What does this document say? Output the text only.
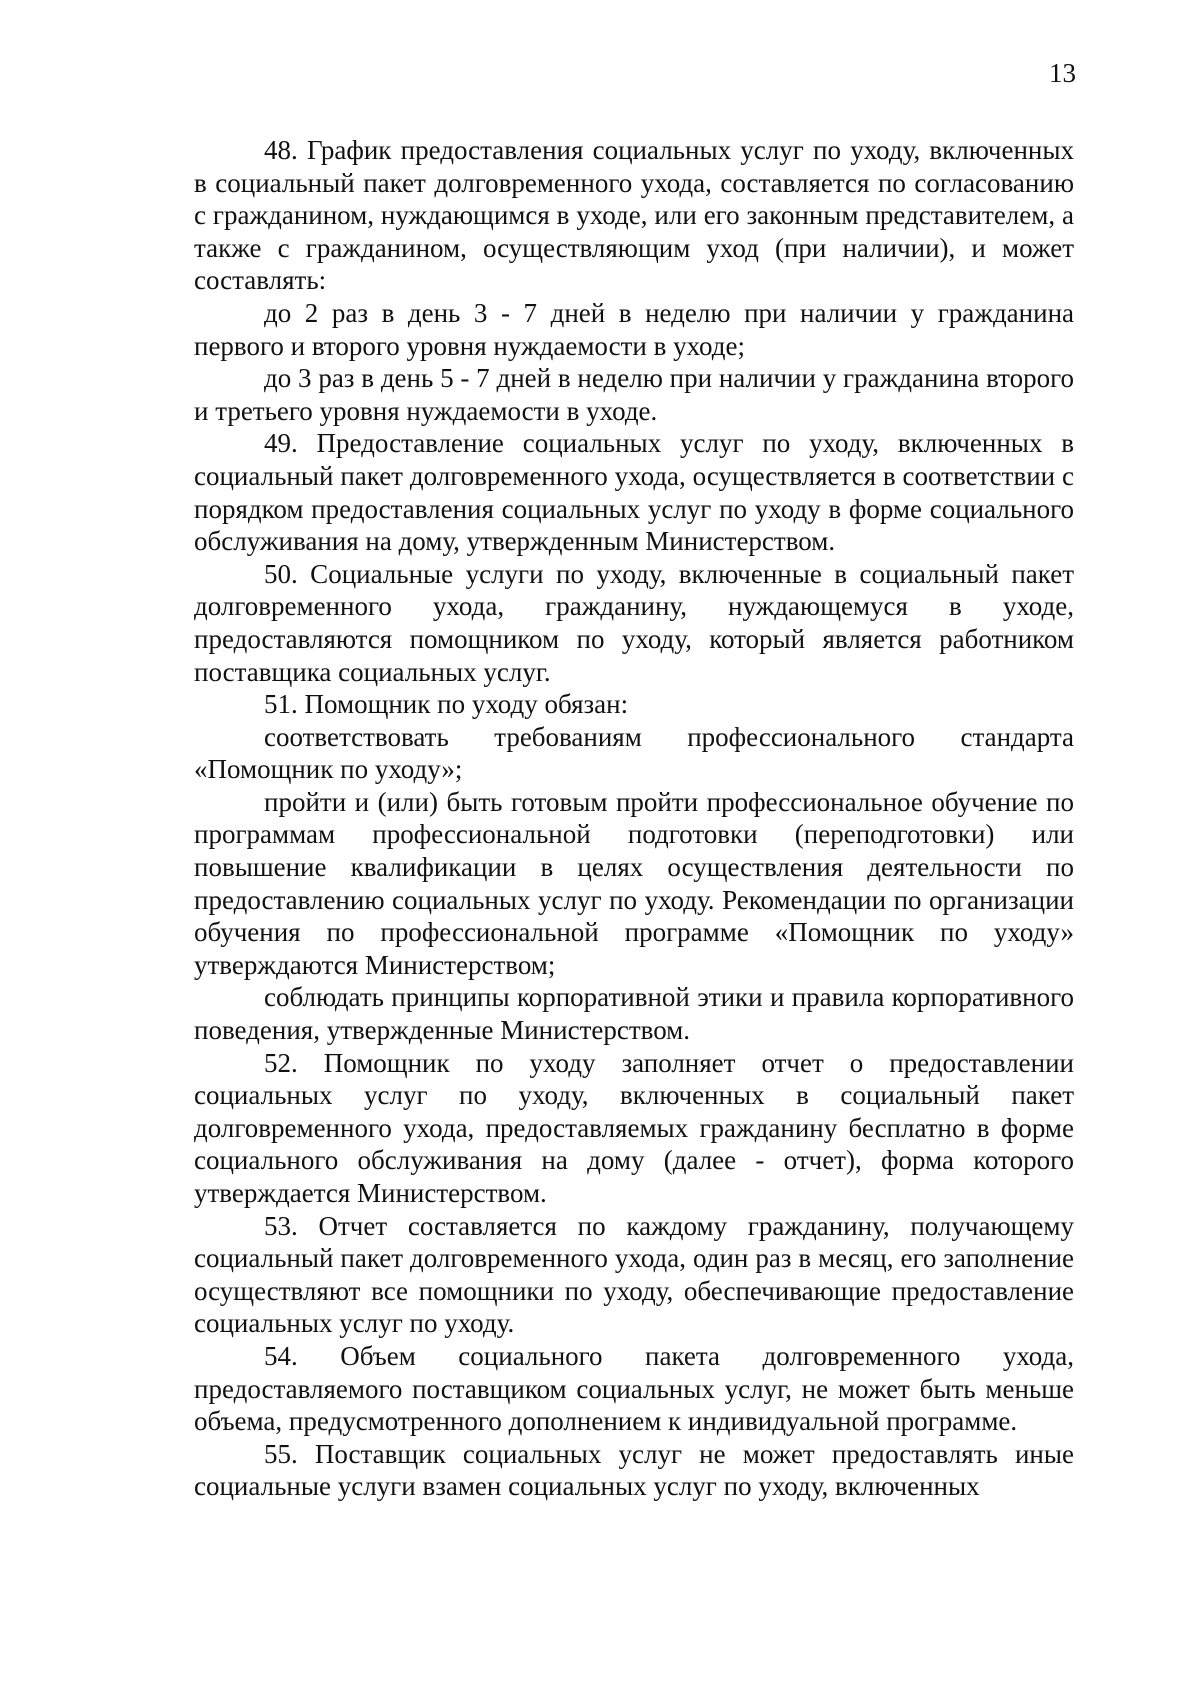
13

48. График предоставления социальных услуг по уходу, включенных в социальный пакет долговременного ухода, составляется по согласованию с гражданином, нуждающимся в уходе, или его законным представителем, а также с гражданином, осуществляющим уход (при наличии), и может составлять:

до 2 раз в день 3 - 7 дней в неделю при наличии у гражданина первого и второго уровня нуждаемости в уходе;

до 3 раз в день 5 - 7 дней в неделю при наличии у гражданина второго и третьего уровня нуждаемости в уходе.

49. Предоставление социальных услуг по уходу, включенных в социальный пакет долговременного ухода, осуществляется в соответствии с порядком предоставления социальных услуг по уходу в форме социального обслуживания на дому, утвержденным Министерством.

50. Социальные услуги по уходу, включенные в социальный пакет долговременного ухода, гражданину, нуждающемуся в уходе, предоставляются помощником по уходу, который является работником поставщика социальных услуг.

51. Помощник по уходу обязан:

соответствовать требованиям профессионального стандарта «Помощник по уходу»;

пройти и (или) быть готовым пройти профессиональное обучение по программам профессиональной подготовки (переподготовки) или повышение квалификации в целях осуществления деятельности по предоставлению социальных услуг по уходу. Рекомендации по организации обучения по профессиональной программе «Помощник по уходу» утверждаются Министерством;

соблюдать принципы корпоративной этики и правила корпоративного поведения, утвержденные Министерством.

52. Помощник по уходу заполняет отчет о предоставлении социальных услуг по уходу, включенных в социальный пакет долговременного ухода, предоставляемых гражданину бесплатно в форме социального обслуживания на дому (далее - отчет), форма которого утверждается Министерством.

53. Отчет составляется по каждому гражданину, получающему социальный пакет долговременного ухода, один раз в месяц, его заполнение осуществляют все помощники по уходу, обеспечивающие предоставление социальных услуг по уходу.

54. Объем социального пакета долговременного ухода, предоставляемого поставщиком социальных услуг, не может быть меньше объема, предусмотренного дополнением к индивидуальной программе.

55. Поставщик социальных услуг не может предоставлять иные социальные услуги взамен социальных услуг по уходу, включенных
